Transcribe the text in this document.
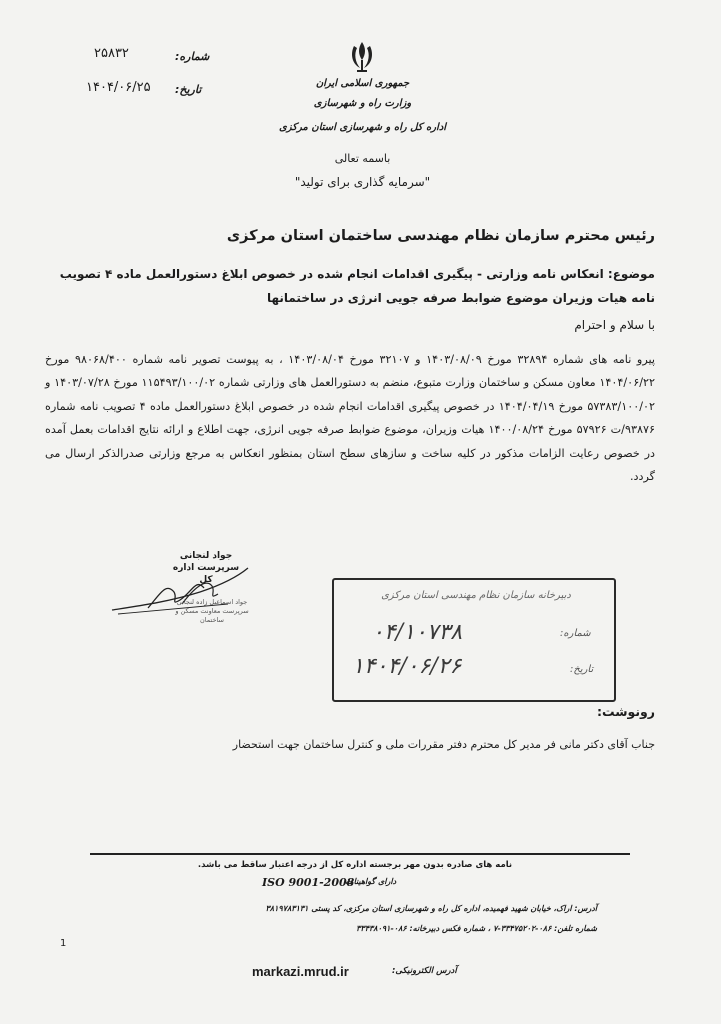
شماره:
۲۵۸۳۲
تاریخ:
۱۴۰۴/۰۶/۲۵	جمهوری اسلامی ایران
وزارت راه و شهرسازی
اداره کل راه و شهرسازی استان مرکزی
باسمه تعالی
"سرمایه گذاری برای تولید"
رئیس محترم سازمان نظام مهندسی ساختمان استان مرکزی
موضوع: انعکاس نامه وزارتی - پیگیری اقدامات انجام شده در خصوص ابلاغ دستورالعمل ماده ۴ تصویب نامه هیات وزیران موضوع ضوابط صرفه جویی انرژی در ساختمانها
با سلام و احترام
پیرو نامه های شماره ۳۲۸۹۴ مورخ ۱۴۰۳/۰۸/۰۹ و ۳۲۱۰۷ مورخ ۱۴۰۳/۰۸/۰۴ ، به پیوست تصویر نامه شماره ۹۸۰۶۸/۴۰۰ مورخ ۱۴۰۴/۰۶/۲۲ معاون مسکن و ساختمان وزارت متبوع، منضم به دستورالعمل های وزارتی شماره ۱۱۵۴۹۳/۱۰۰/۰۲ مورخ ۱۴۰۳/۰۷/۲۸ و ۵۷۳۸۳/۱۰۰/۰۲ مورخ ۱۴۰۴/۰۴/۱۹ در خصوص پیگیری اقدامات انجام شده در خصوص ابلاغ دستورالعمل ماده ۴ تصویب نامه شماره ۹۳۸۷۶/ت ۵۷۹۲۶ مورخ ۱۴۰۰/۰۸/۲۴ هیات وزیران، موضوع ضوابط صرفه جویی انرژی، جهت اطلاع و ارائه نتایج اقدامات بعمل آمده در خصوص رعایت الزامات مذکور در کلیه ساخت و سازهای سطح استان بمنظور انعکاس به مرجع وزارتی صدرالذکر ارسال می گردد.
جواد لنجانی
سرپرست اداره کل
جواد اسماعیل زاده لنجانی
سرپرست معاونت مسکن و ساختمان
دبیرخانه سازمان نظام مهندسی استان مرکزی
شماره:
۰۴/۱۰۷۳۸
تاریخ:
۱۴۰۴/۰۶/۲۶
رونوشت:
جناب آقای دکتر مانی فر مدیر کل محترم دفتر مقررات ملی و کنترل ساختمان جهت استحضار
1
نامه های صادره بدون مهر برجسته اداره کل از درجه اعتبار ساقط می باشد.
دارای گواهینامه
ISO 9001-2008
آدرس: اراک، خیابان شهید فهمیده، اداره کل راه و شهرسازی استان مرکزی، کد پستی ۳۸۱۹۷۸۳۱۳۱
شماره تلفن: ۰۸۶-۳۳۴۷۵۲۰۲-۷ ، شماره فکس دبیرخانه: ۰۸۶-۳۳۴۳۸۰۹۱
آدرس الکترونیکی:
markazi.mrud.ir
